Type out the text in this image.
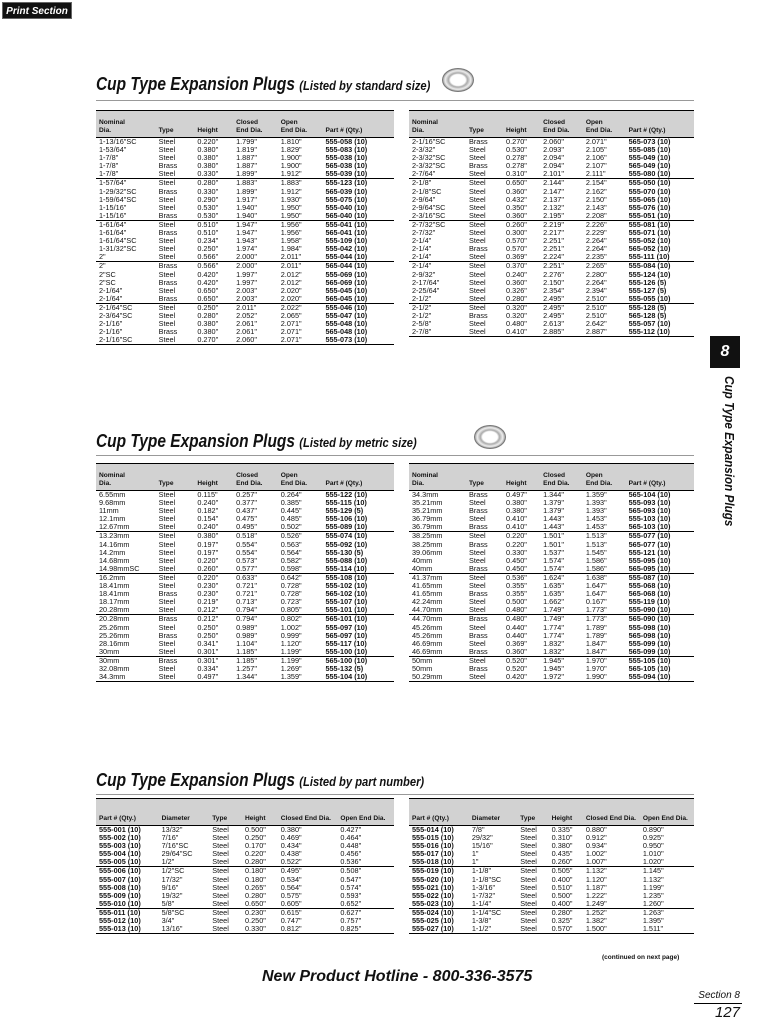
Print Section
Cup Type Expansion Plugs (Listed by standard size)
Nominal
Dia.	Type	Height	Closed
End Dia.	Open
End Dia.	Part # (Qty.)
1-13/16"SC	Steel	0.220"	1.799"	1.810"	555-058 (10)
1-53/64"	Steel	0.380"	1.819"	1.829"	555-083 (10)
1-7/8"	Steel	0.380"	1.887"	1.900"	555-038 (10)
1-7/8"	Brass	0.380"	1.887"	1.900"	565-038 (10)
1-7/8"	Steel	0.330"	1.899"	1.912"	555-039 (10)
1-57/64"	Steel	0.280"	1.883"	1.883"	555-123 (10)
1-29/32"SC	Brass	0.330"	1.899"	1.912"	565-039 (10)
1-59/64"SC	Steel	0.290"	1.917"	1.930"	555-075 (10)
1-15/16"	Steel	0.530"	1.940"	1.950"	555-040 (10)
1-15/16"	Brass	0.530"	1.940"	1.950"	565-040 (10)
1-61/64"	Steel	0.510"	1.947"	1.956"	555-041 (10)
1-61/64"	Brass	0.510"	1.947"	1.956"	565-041 (10)
1-61/64"SC	Steel	0.234"	1.943"	1.958"	555-109 (10)
1-31/32"SC	Steel	0.250"	1.974"	1.984"	555-042 (10)
2"	Steel	0.566"	2.000"	2.011"	555-044 (10)
2"	Brass	0.566"	2.000"	2.011"	565-044 (10)
2"SC	Steel	0.420"	1.997"	2.012"	555-069 (10)
2"SC	Brass	0.420"	1.997"	2.012"	565-069 (10)
2-1/64"	Steel	0.650"	2.003"	2.020"	555-045 (10)
2-1/64"	Brass	0.650"	2.003"	2.020"	565-045 (10)
2-1/64"SC	Steel	0.250"	2.011"	2.022"	555-046 (10)
2-3/64"SC	Steel	0.280"	2.052"	2.065"	555-047 (10)
2-1/16"	Steel	0.380"	2.061"	2.071"	555-048 (10)
2-1/16"	Brass	0.380"	2.061"	2.071"	565-048 (10)
2-1/16"SC	Steel	0.270"	2.060"	2.071"	555-073 (10)
Nominal
Dia.	Type	Height	Closed
End Dia.	Open
End Dia.	Part # (Qty.)
2-1/16"SC	Brass	0.270"	2.060"	2.071"	565-073 (10)
2-3/32"	Steel	0.530"	2.093"	2.105"	555-085 (10)
2-3/32"SC	Steel	0.278"	2.094"	2.106"	555-049 (10)
2-3/32"SC	Brass	0.278"	2.094"	2.107"	565-049 (10)
2-7/64"	Steel	0.310"	2.101"	2.111"	555-080 (10)
2-1/8"	Steel	0.650"	2.144"	2.154"	555-050 (10)
2-1/8"SC	Steel	0.360"	2.147"	2.162"	555-070 (10)
2-9/64"	Steel	0.432"	2.137"	2.150"	555-065 (10)
2-9/64"SC	Steel	0.350"	2.132"	2.143"	555-076 (10)
2-3/16"SC	Steel	0.360"	2.195"	2.208"	555-051 (10)
2-7/32"SC	Steel	0.260"	2.219"	2.226"	555-081 (10)
2-7/32"	Steel	0.300"	2.217"	2.229"	555-071 (10)
2-1/4"	Steel	0.570"	2.251"	2.264"	555-052 (10)
2-1/4"	Brass	0.570"	2.251"	2.264"	565-052 (10)
2-1/4"	Steel	0.369"	2.224"	2.235"	555-111 (10)
2-1/4"	Steel	0.370"	2.251"	2.265"	555-084 (10)
2-9/32"	Steel	0.240"	2.276"	2.280"	555-124 (10)
2-17/64"	Steel	0.360"	2.150"	2.264"	555-126 (5)
2-25/64"	Steel	0.326"	2.354"	2.394"	555-127 (5)
2-1/2"	Steel	0.280"	2.495"	2.510"	555-055 (10)
2-1/2"	Steel	0.320"	2.495"	2.510"	555-128 (5)
2-1/2"	Brass	0.320"	2.495"	2.510"	565-128 (5)
2-5/8"	Steel	0.480"	2.613"	2.642"	555-057 (10)
2-7/8"	Steel	0.410"	2.885"	2.887"	555-112 (10)
Cup Type Expansion Plugs (Listed by metric size)
Nominal
Dia.	Type	Height	Closed
End Dia.	Open
End Dia.	Part # (Qty.)
6.55mm	Steel	0.115"	0.257"	0.264"	555-122 (10)
9.68mm	Steel	0.240"	0.377"	0.385"	555-115 (10)
11mm	Steel	0.182"	0.437"	0.445"	555-129 (5)
12.1mm	Steel	0.154"	0.475"	0.485"	555-106 (10)
12.67mm	Steel	0.240"	0.495"	0.502"	555-089 (10)
13.23mm	Steel	0.380"	0.518"	0.526"	555-074 (10)
14.16mm	Steel	0.197"	0.554"	0.563"	555-092 (10)
14.2mm	Steel	0.197"	0.554"	0.564"	555-130 (5)
14.68mm	Steel	0.220"	0.573"	0.582"	555-088 (10)
14.98mmSC	Steel	0.260"	0.577"	0.598"	555-114 (10)
16.2mm	Steel	0.220"	0.633"	0.642"	555-108 (10)
18.41mm	Steel	0.230"	0.721"	0.728"	555-102 (10)
18.41mm	Brass	0.230"	0.721"	0.728"	565-102 (10)
18.17mm	Steel	0.219"	0.713"	0.723"	555-107 (10)
20.28mm	Steel	0.212"	0.794"	0.805"	555-101 (10)
20.28mm	Brass	0.212"	0.794"	0.802"	565-101 (10)
25.26mm	Steel	0.250"	0.989"	1.002"	555-097 (10)
25.26mm	Brass	0.250"	0.989"	0.999"	565-097 (10)
28.16mm	Steel	0.341"	1.104"	1.120"	555-117 (10)
30mm	Steel	0.301"	1.185"	1.199"	555-100 (10)
30mm	Brass	0.301"	1.185"	1.199"	565-100 (10)
32.08mm	Steel	0.334"	1.257"	1.269"	555-132 (5)
34.3mm	Steel	0.497"	1.344"	1.359"	555-104 (10)
Nominal
Dia.	Type	Height	Closed
End Dia.	Open
End Dia.	Part # (Qty.)
34.3mm	Brass	0.497"	1.344"	1.359"	565-104 (10)
35.21mm	Steel	0.380"	1.379"	1.393"	555-093 (10)
35.21mm	Brass	0.380"	1.379"	1.393"	565-093 (10)
36.79mm	Steel	0.410"	1.443"	1.453"	555-103 (10)
36.79mm	Brass	0.410"	1.443"	1.453"	565-103 (10)
38.25mm	Steel	0.220"	1.501"	1.513"	555-077 (10)
38.25mm	Brass	0.220"	1.501"	1.513"	565-077 (10)
39.06mm	Steel	0.330"	1.537"	1.545"	555-121 (10)
40mm	Steel	0.450"	1.574"	1.586"	555-095 (10)
40mm	Brass	0.450"	1.574"	1.586"	565-095 (10)
41.37mm	Steel	0.536"	1.624"	1.638"	555-087 (10)
41.65mm	Steel	0.355"	1.635"	1.647"	555-068 (10)
41.65mm	Brass	0.355"	1.635"	1.647"	565-068 (10)
42.24mm	Steel	0.500"	1.662"	0.167"	555-119 (10)
44.70mm	Steel	0.480"	1.749"	1.773"	555-090 (10)
44.70mm	Brass	0.480"	1.749"	1.773"	565-090 (10)
45.26mm	Steel	0.440"	1.774"	1.789"	555-098 (10)
45.26mm	Brass	0.440"	1.774"	1.789"	565-098 (10)
46.69mm	Steel	0.369"	1.832"	1.847"	555-099 (10)
46.69mm	Brass	0.360"	1.832"	1.847"	565-099 (10)
50mm	Steel	0.520"	1.945"	1.970"	555-105 (10)
50mm	Brass	0.520"	1.945"	1.970"	565-105 (10)
50.29mm	Steel	0.420"	1.972"	1.990"	555-094 (10)
Cup Type Expansion Plugs (Listed by part number)
Part # (Qty.)	Diameter	Type	Height	Closed End Dia.	Open End Dia.
555-001 (10)	13/32"	Steel	0.500"	0.380"	0.427"
555-002 (10)	7/16"	Steel	0.250"	0.469"	0.464"
555-003 (10)	7/16"SC	Steel	0.170"	0.434"	0.448"
555-004 (10)	29/64"SC	Steel	0.220"	0.438"	0.456"
555-005 (10)	1/2"	Steel	0.280"	0.522"	0.536"
555-006 (10)	1/2"SC	Steel	0.180"	0.495"	0.508"
555-007 (10)	17/32"	Steel	0.180"	0.534"	0.547"
555-008 (10)	9/16"	Steel	0.265"	0.564"	0.574"
555-009 (10)	19/32"	Steel	0.280"	0.575"	0.593"
555-010 (10)	5/8"	Steel	0.650"	0.605"	0.652"
555-011 (10)	5/8"SC	Steel	0.230"	0.615"	0.627"
555-012 (10)	3/4"	Steel	0.250"	0.747"	0.757"
555-013 (10)	13/16"	Steel	0.330"	0.812"	0.825"
Part # (Qty.)	Diameter	Type	Height	Closed End Dia.	Open End Dia.
555-014 (10)	7/8"	Steel	0.335"	0.880"	0.890"
555-015 (10)	29/32"	Steel	0.310"	0.912"	0.925"
555-016 (10)	15/16"	Steel	0.380"	0.934"	0.950"
555-017 (10)	1"	Steel	0.435"	1.002"	1.010"
555-018 (10)	1"	Steel	0.260"	1.007"	1.020"
555-019 (10)	1-1/8"	Steel	0.505"	1.132"	1.145"
555-020 (10)	1-1/8"SC	Steel	0.400"	1.120"	1.132"
555-021 (10)	1-3/16"	Steel	0.510"	1.187"	1.199"
555-022 (10)	1-7/32"	Steel	0.500"	1.222"	1.235"
555-023 (10)	1-1/4"	Steel	0.400"	1.249"	1.260"
555-024 (10)	1-1/4"SC	Steel	0.280"	1.252"	1.263"
555-025 (10)	1-3/8"	Steel	0.325"	1.382"	1.395"
555-027 (10)	1-1/2"	Steel	0.570"	1.500"	1.511"
8
Cup Type Expansion Plugs
(continued on next page)
New Product Hotline - 800-336-3575
Section 8
127
